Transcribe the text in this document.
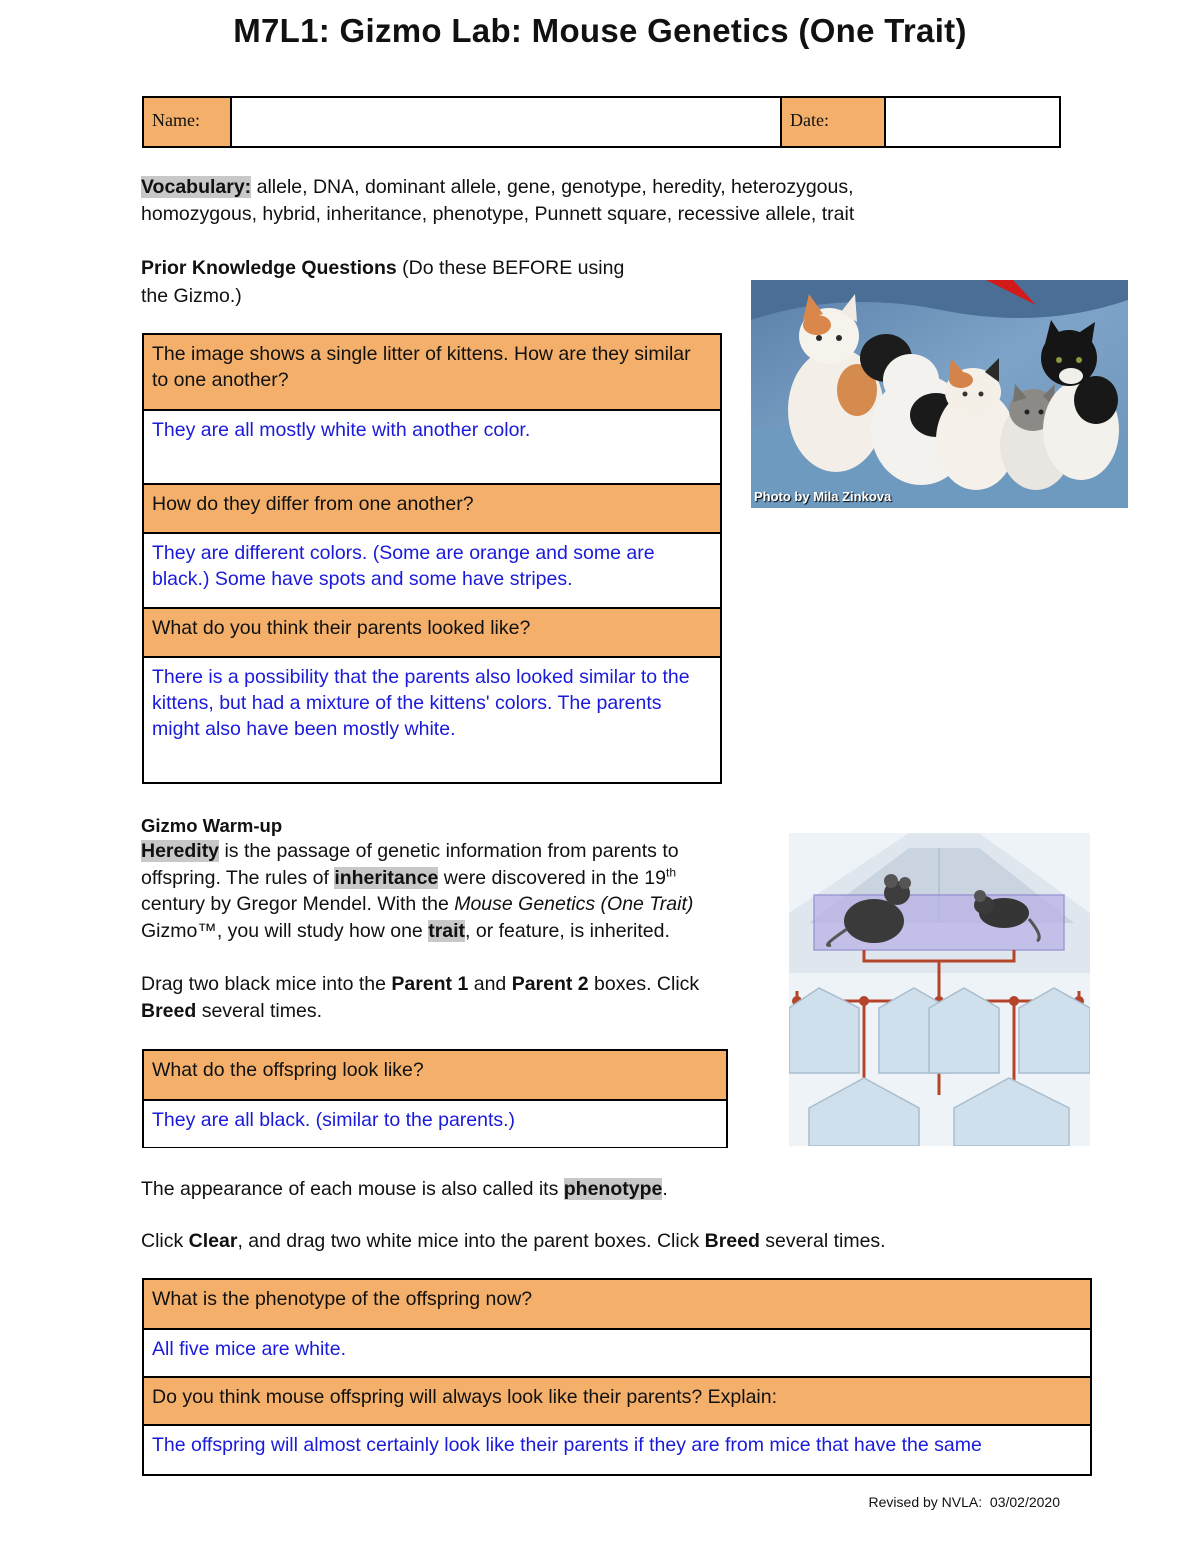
M7L1: Gizmo Lab: Mouse Genetics (One Trait)
Name:	Date:
Vocabulary: allele, DNA, dominant allele, gene, genotype, heredity, heterozygous,
homozygous, hybrid, inheritance, phenotype, Punnett square, recessive allele, trait
Prior Knowledge Questions (Do these BEFORE using
the Gizmo.)
The image shows a single litter of kittens. How are they similar to one another?
They are all mostly white with another color.
How do they differ from one another?
They are different colors. (Some are orange and some are black.) Some have spots and some have stripes.
What do you think their parents looked like?
There is a possibility that the parents also looked similar to the kittens, but had a mixture of the kittens' colors. The parents might also have been mostly white.
Photo by Mila Zinkova
Gizmo Warm-up
Heredity is the passage of genetic information from parents to
offspring. The rules of inheritance were discovered in the 19th
century by Gregor Mendel. With the Mouse Genetics (One Trait)
Gizmo™, you will study how one trait, or feature, is inherited.
Drag two black mice into the Parent 1 and Parent 2 boxes. Click
Breed several times.
What do the offspring look like?
They are all black. (similar to the parents.)
The appearance of each mouse is also called its phenotype.
Click Clear, and drag two white mice into the parent boxes. Click Breed several times.
What is the phenotype of the offspring now?
All five mice are white.
Do you think mouse offspring will always look like their parents? Explain:
The offspring will almost certainly look like their parents if they are from mice that have the same
Revised by NVLA:  03/02/2020
